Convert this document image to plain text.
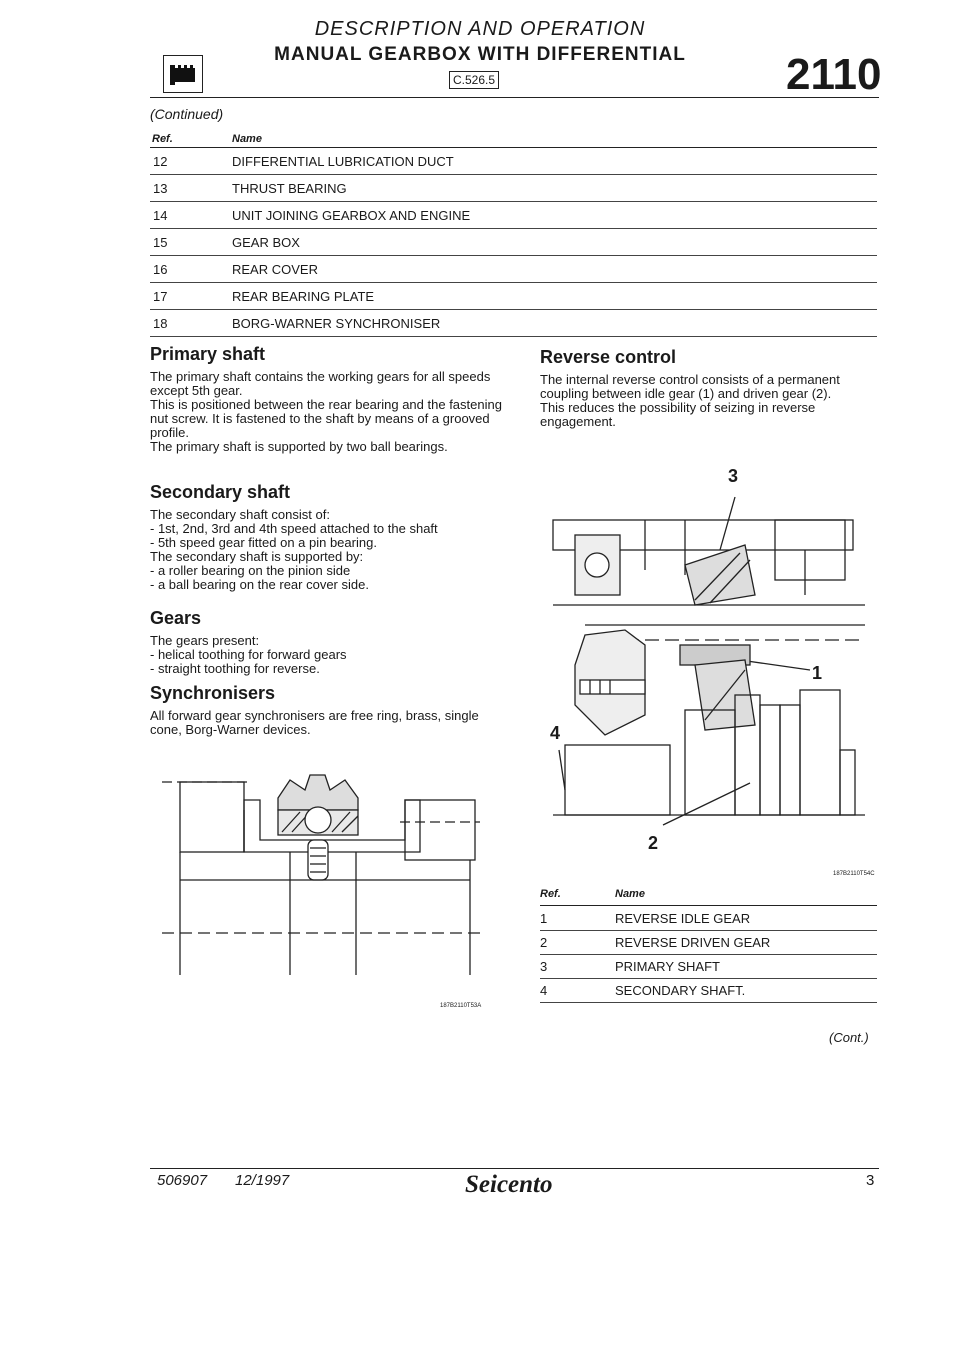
DESCRIPTION AND OPERATION
MANUAL GEARBOX WITH DIFFERENTIAL
C.526.5	2110
(Continued)
Ref.	Name
12	DIFFERENTIAL LUBRICATION DUCT
13	THRUST BEARING
14	UNIT JOINING GEARBOX AND ENGINE
15	GEAR BOX
16	REAR COVER
17	REAR BEARING PLATE
18	BORG-WARNER SYNCHRONISER
Primary shaft
The primary shaft contains the working gears for all speeds except 5th gear.
This is positioned between the rear bearing and the fastening nut screw. It is fastened to the shaft by means of a grooved profile.
The primary shaft is supported by two ball bearings.
Secondary shaft
The secondary shaft consist of:
- 1st, 2nd, 3rd and 4th speed attached to the shaft
- 5th speed gear fitted on a pin bearing.
The secondary shaft is supported by:
- a roller bearing on the pinion side
- a ball bearing on the rear cover side.
Gears
The gears present:
- helical toothing for forward gears
- straight toothing for reverse.
Synchronisers
All forward gear synchronisers are free ring, brass, single cone, Borg-Warner devices.
187B2110T53A
Reverse control
The internal reverse control consists of a permanent coupling between idle gear (1) and driven gear (2).
This reduces the possibility of seizing in reverse engagement.
3
1
4
2
187B2110T54C
Ref.	Name
1	REVERSE IDLE GEAR
2	REVERSE DRIVEN GEAR
3	PRIMARY SHAFT
4	SECONDARY SHAFT.
(Cont.)
506907 12/1997	Seicento	3
